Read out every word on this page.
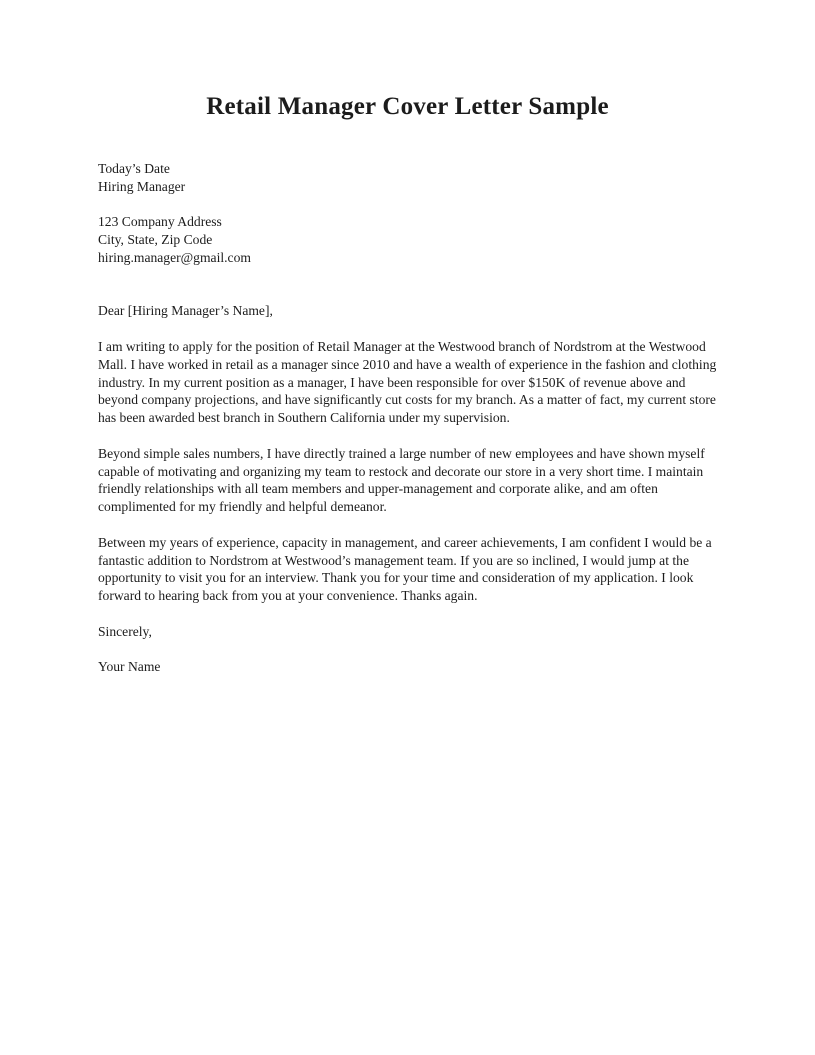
Retail Manager Cover Letter Sample
Today’s Date
Hiring Manager
123 Company Address
City, State, Zip Code
hiring.manager@gmail.com

Dear [Hiring Manager’s Name],

I am writing to apply for the position of Retail Manager at the Westwood branch of Nordstrom at the Westwood Mall. I have worked in retail as a manager since 2010 and have a wealth of experience in the fashion and clothing industry. In my current position as a manager, I have been responsible for over $150K of revenue above and beyond company projections, and have significantly cut costs for my branch. As a matter of fact, my current store has been awarded best branch in Southern California under my supervision.

Beyond simple sales numbers, I have directly trained a large number of new employees and have shown myself capable of motivating and organizing my team to restock and decorate our store in a very short time. I maintain friendly relationships with all team members and upper-management and corporate alike, and am often complimented for my friendly and helpful demeanor.

Between my years of experience, capacity in management, and career achievements, I am confident I would be a fantastic addition to Nordstrom at Westwood’s management team. If you are so inclined, I would jump at the opportunity to visit you for an interview. Thank you for your time and consideration of my application. I look forward to hearing back from you at your convenience. Thanks again.

Sincerely,

Your Name
